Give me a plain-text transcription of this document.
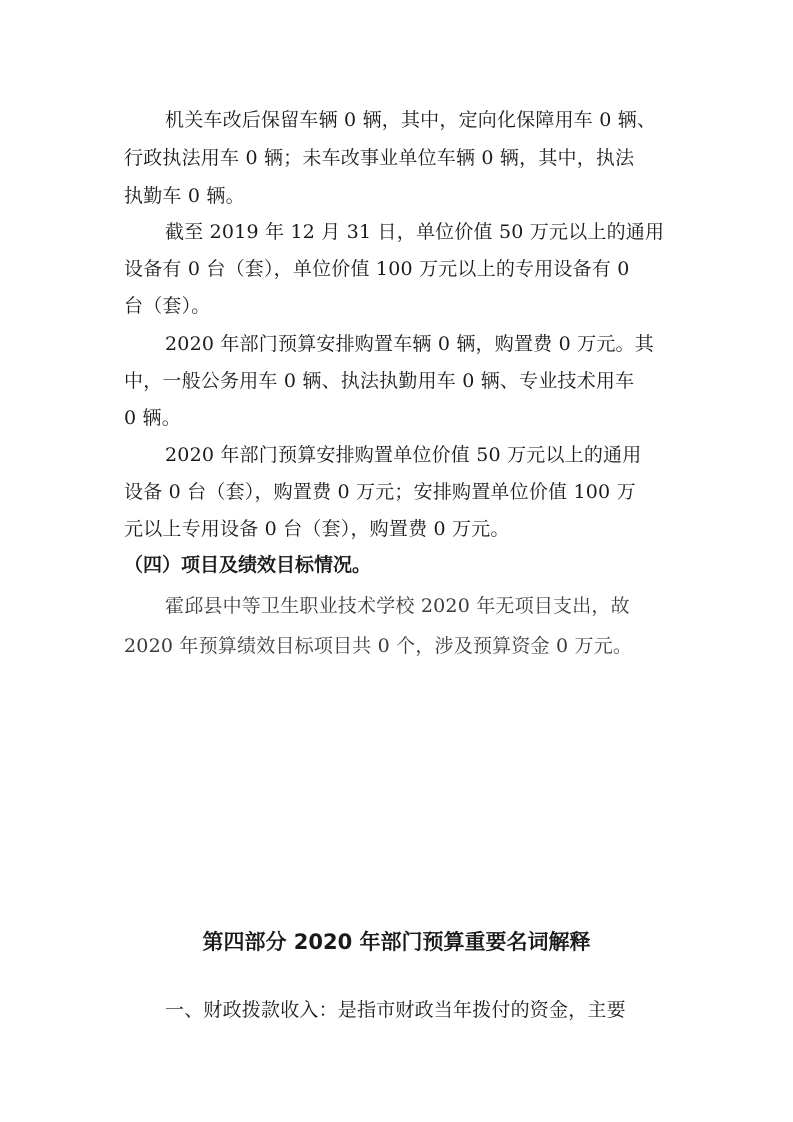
机关车改后保留车辆 0 辆，其中，定向化保障用车 0 辆、
行政执法用车 0 辆；未车改事业单位车辆 0 辆，其中，执法
执勤车 0 辆。
截至 2019 年 12 月 31 日，单位价值 50 万元以上的通用
设备有 0 台（套），单位价值 100 万元以上的专用设备有 0
台（套）。
2020 年部门预算安排购置车辆 0 辆，购置费 0 万元。其
中，一般公务用车 0 辆、执法执勤用车 0 辆、专业技术用车
0 辆。
2020 年部门预算安排购置单位价值 50 万元以上的通用
设备 0 台（套），购置费 0 万元；安排购置单位价值 100 万
元以上专用设备 0 台（套），购置费 0 万元。
（四）项目及绩效目标情况。
霍邱县中等卫生职业技术学校 2020 年无项目支出，故
2020 年预算绩效目标项目共 0 个，涉及预算资金 0 万元。
第四部分 2020 年部门预算重要名词解释
一、财政拨款收入：是指市财政当年拨付的资金，主要
